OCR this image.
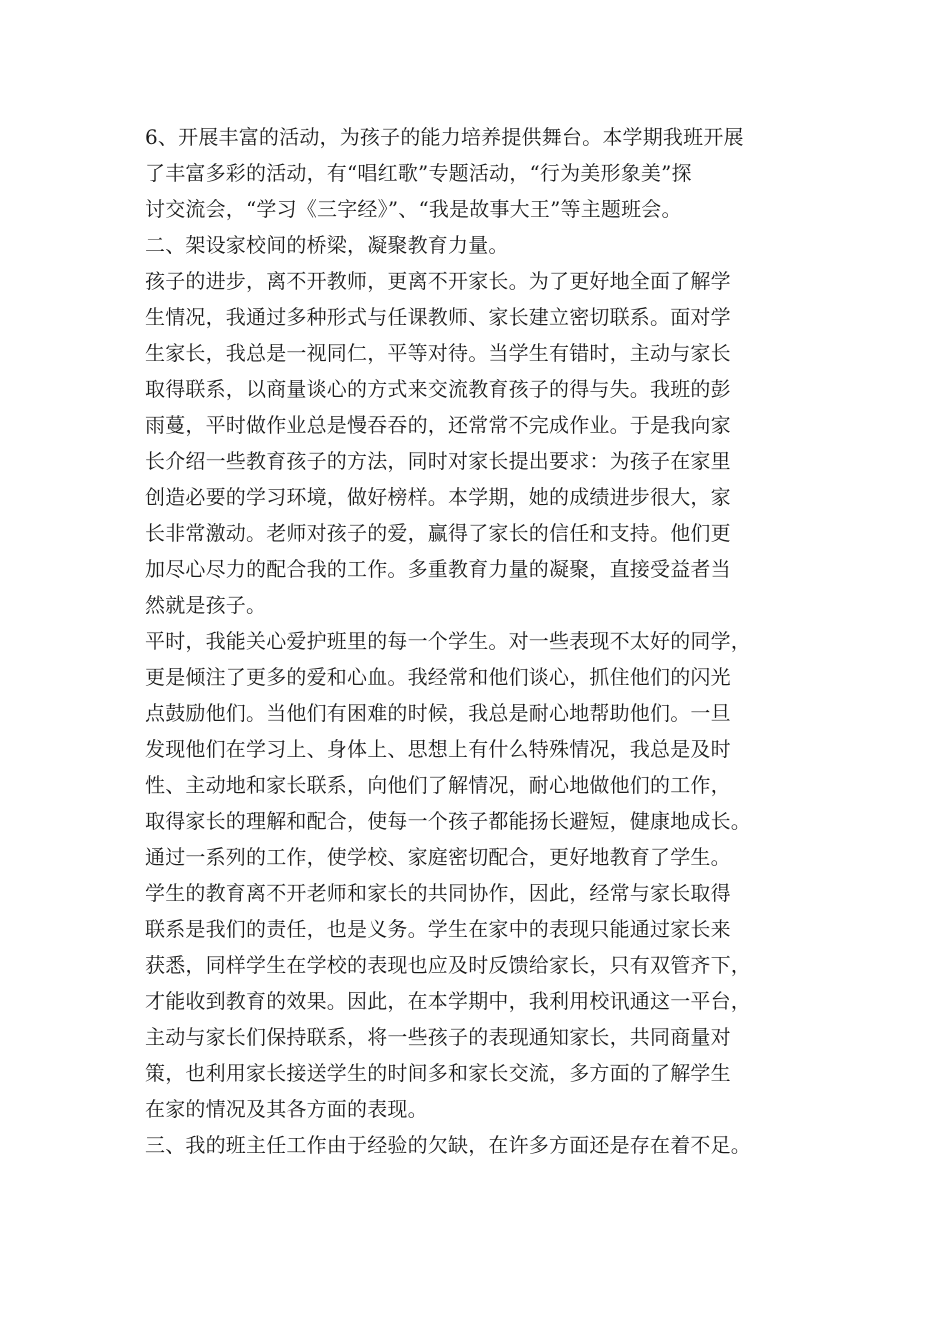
6、开展丰富的活动，为孩子的能力培养提供舞台。本学期我班开展
了丰富多彩的活动，有“唱红歌”专题活动，“行为美形象美”探
讨交流会，“学习《三字经》”、“我是故事大王”等主题班会。
二、架设家校间的桥梁，凝聚教育力量。
孩子的进步，离不开教师，更离不开家长。为了更好地全面了解学
生情况，我通过多种形式与任课教师、家长建立密切联系。面对学
生家长，我总是一视同仁，平等对待。当学生有错时，主动与家长
取得联系，以商量谈心的方式来交流教育孩子的得与失。我班的彭
雨蔓，平时做作业总是慢吞吞的，还常常不完成作业。于是我向家
长介绍一些教育孩子的方法，同时对家长提出要求：为孩子在家里
创造必要的学习环境，做好榜样。本学期，她的成绩进步很大，家
长非常激动。老师对孩子的爱，赢得了家长的信任和支持。他们更
加尽心尽力的配合我的工作。多重教育力量的凝聚，直接受益者当
然就是孩子。
平时，我能关心爱护班里的每一个学生。对一些表现不太好的同学，
更是倾注了更多的爱和心血。我经常和他们谈心，抓住他们的闪光
点鼓励他们。当他们有困难的时候，我总是耐心地帮助他们。一旦
发现他们在学习上、身体上、思想上有什么特殊情况，我总是及时
性、主动地和家长联系，向他们了解情况，耐心地做他们的工作，
取得家长的理解和配合，使每一个孩子都能扬长避短，健康地成长。
通过一系列的工作，使学校、家庭密切配合，更好地教育了学生。
学生的教育离不开老师和家长的共同协作，因此，经常与家长取得
联系是我们的责任，也是义务。学生在家中的表现只能通过家长来
获悉，同样学生在学校的表现也应及时反馈给家长，只有双管齐下，
才能收到教育的效果。因此，在本学期中，我利用校讯通这一平台，
主动与家长们保持联系，将一些孩子的表现通知家长，共同商量对
策，也利用家长接送学生的时间多和家长交流，多方面的了解学生
在家的情况及其各方面的表现。
三、我的班主任工作由于经验的欠缺，在许多方面还是存在着不足。
